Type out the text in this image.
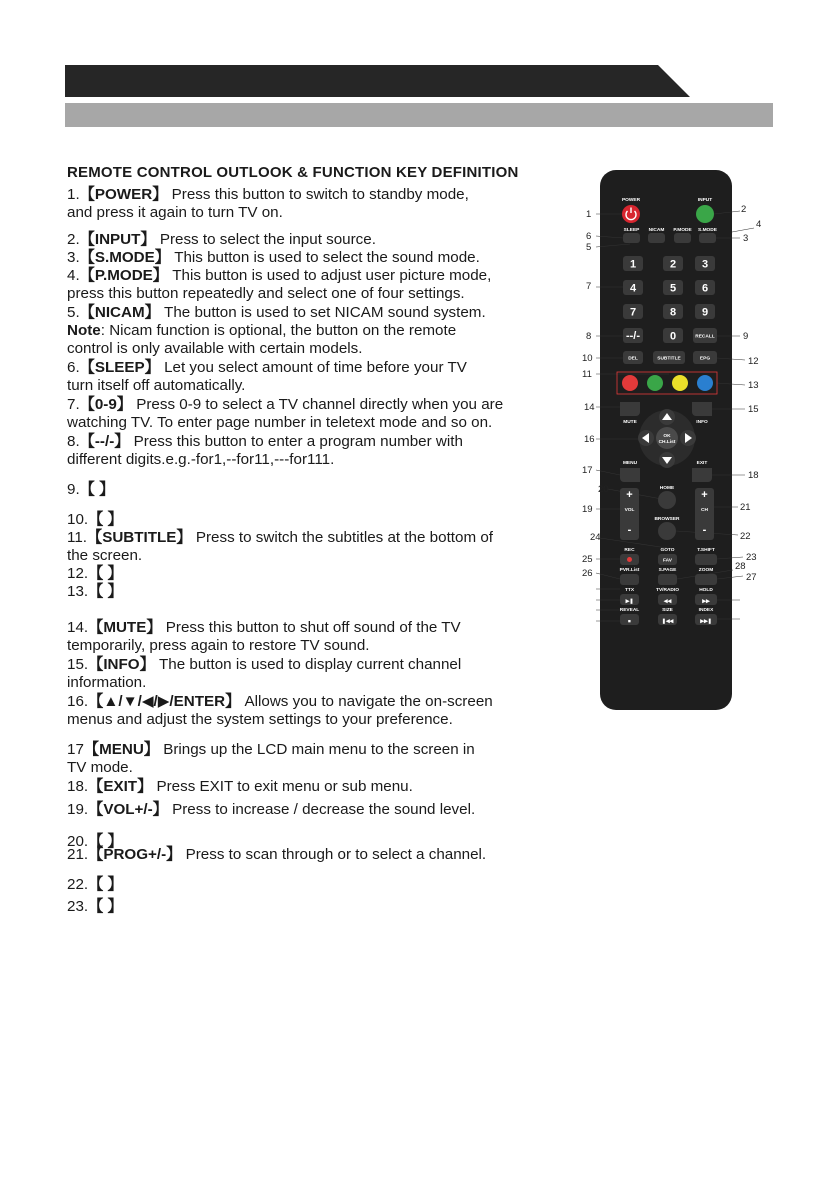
REMOTE CONTROL OUTLOOK & FUNCTION KEY DEFINITION
1.【POWER】 Press this button to switch to standby mode,
and press it again to turn TV on.
2.【INPUT】 Press to select the input source.
3.【S.MODE】 This button is used to select the sound mode.
4.【P.MODE】 This button is used to adjust user picture mode,
press this button repeatedly and select one of four settings.
5.【NICAM】 The button is used to set NICAM sound system.
Note: Nicam function is optional, the button on the remote
control is only available with certain models.
6.【SLEEP】 Let you select amount of time before your TV
turn itself off automatically.
7.【0-9】 Press 0-9 to select a TV channel directly when you are
watching TV. To enter page number in teletext mode and so on.
8.【--/-】 Press this button to enter a program number with
different digits.e.g.-for1,--for11,---for111.
9.【 】
10.【 】
11.【SUBTITLE】 Press to switch the subtitles at the bottom of
the screen.
12.【 】
13.【 】
14.【MUTE】 Press this button to shut off sound of the TV
temporarily, press again to restore TV sound.
15.【INFO】 The button is used to display current channel
information.
16.【▲/▼/◀/▶/ENTER】 Allows you to navigate the on-screen
menus and adjust the system settings to your preference.
17【MENU】 Brings up the LCD main menu to the screen in
TV mode.
18.【EXIT】 Press EXIT to exit menu or sub menu.
19.【VOL+/-】 Press to increase / decrease the sound level.
20.【 】
21.【PROG+/-】 Press to scan through or to select a channel.
22.【 】
23.【 】
POWER	INPUT
SLEEP NICAM P.MODE S.MODE
1	2 3
4	5 6
7	8 9
--/-	0	RECALL
DEL	SUBTITLE	EPG
MUTE	INFO
OK
CH.List
MENU	EXIT
HOME
+
VOL
-
+
CH
-
BROWSER
REC	GOTO
FAV
T.SHIFT
PVR.List	S.PAGE	ZOOM
TTX
▶❚
TV/RADIO
◀◀
HOLD
▶▶
REVEAL
■
SIZE
❚◀◀
INDEX
▶▶❚
1	2
3
4
5
6
7
8	9
10
11
12
13
14	15
16
17	18
19
20
21
22
23
24
25
26	27
28
